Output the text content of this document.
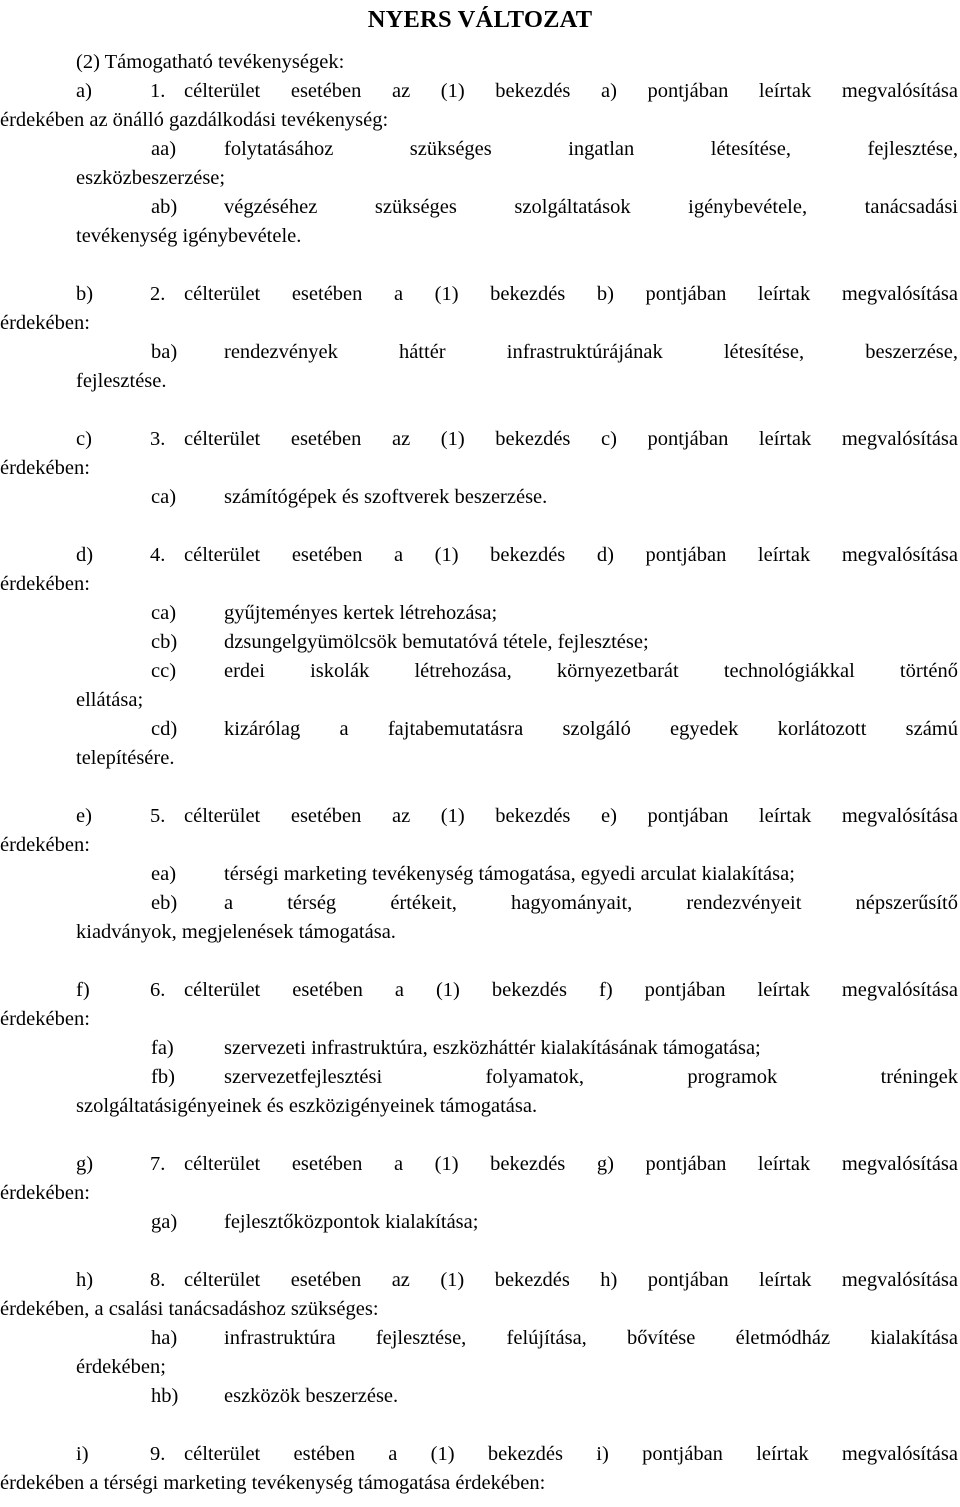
NYERS VÁLTOZAT
(2) Támogatható tevékenységek:
a)	1. célterület esetében az (1) bekezdés a) pontjában leírtak megvalósítása
érdekében az önálló gazdálkodási tevékenység:
aa) folytatásához szükséges ingatlan létesítése, fejlesztése,
eszközbeszerzése;
ab) végzéséhez szükséges szolgáltatások igénybevétele, tanácsadási
tevékenység igénybevétele.
b)	2. célterület esetében a (1) bekezdés b) pontjában leírtak megvalósítása
érdekében:
ba) rendezvények háttér infrastruktúrájának létesítése, beszerzése,
fejlesztése.
c)	3. célterület esetében az (1) bekezdés c) pontjában leírtak megvalósítása
érdekében:
ca) számítógépek és szoftverek beszerzése.
d)	4. célterület esetében a (1) bekezdés d) pontjában leírtak megvalósítása
érdekében:
ca) gyűjteményes kertek létrehozása;
cb) dzsungelgyümölcsök bemutatóvá tétele, fejlesztése;
cc) erdei iskolák létrehozása, környezetbarát technológiákkal történő
ellátása;
cd) kizárólag a fajtabemutatásra szolgáló egyedek korlátozott számú
telepítésére.
e)	5. célterület esetében az (1) bekezdés e) pontjában leírtak megvalósítása
érdekében:
ea) térségi marketing tevékenység támogatása, egyedi arculat kialakítása;
eb) a térség értékeit, hagyományait, rendezvényeit népszerűsítő
kiadványok, megjelenések támogatása.
f)	6. célterület esetében a (1) bekezdés f) pontjában leírtak megvalósítása
érdekében:
fa) szervezeti infrastruktúra, eszközháttér kialakításának támogatása;
fb) szervezetfejlesztési folyamatok, programok tréningek
szolgáltatásigényeinek és eszközigényeinek támogatása.
g)	7. célterület esetében a (1) bekezdés g) pontjában leírtak megvalósítása
érdekében:
ga) fejlesztőközpontok kialakítása;
h)	8. célterület esetében az (1) bekezdés h) pontjában leírtak megvalósítása
érdekében, a csalási tanácsadáshoz szükséges:
ha) infrastruktúra fejlesztése, felújítása, bővítése életmódház kialakítása
érdekében;
hb) eszközök beszerzése.
i)	9. célterület estében a (1) bekezdés i) pontjában leírtak megvalósítása
érdekében a térségi marketing tevékenység támogatása érdekében:
